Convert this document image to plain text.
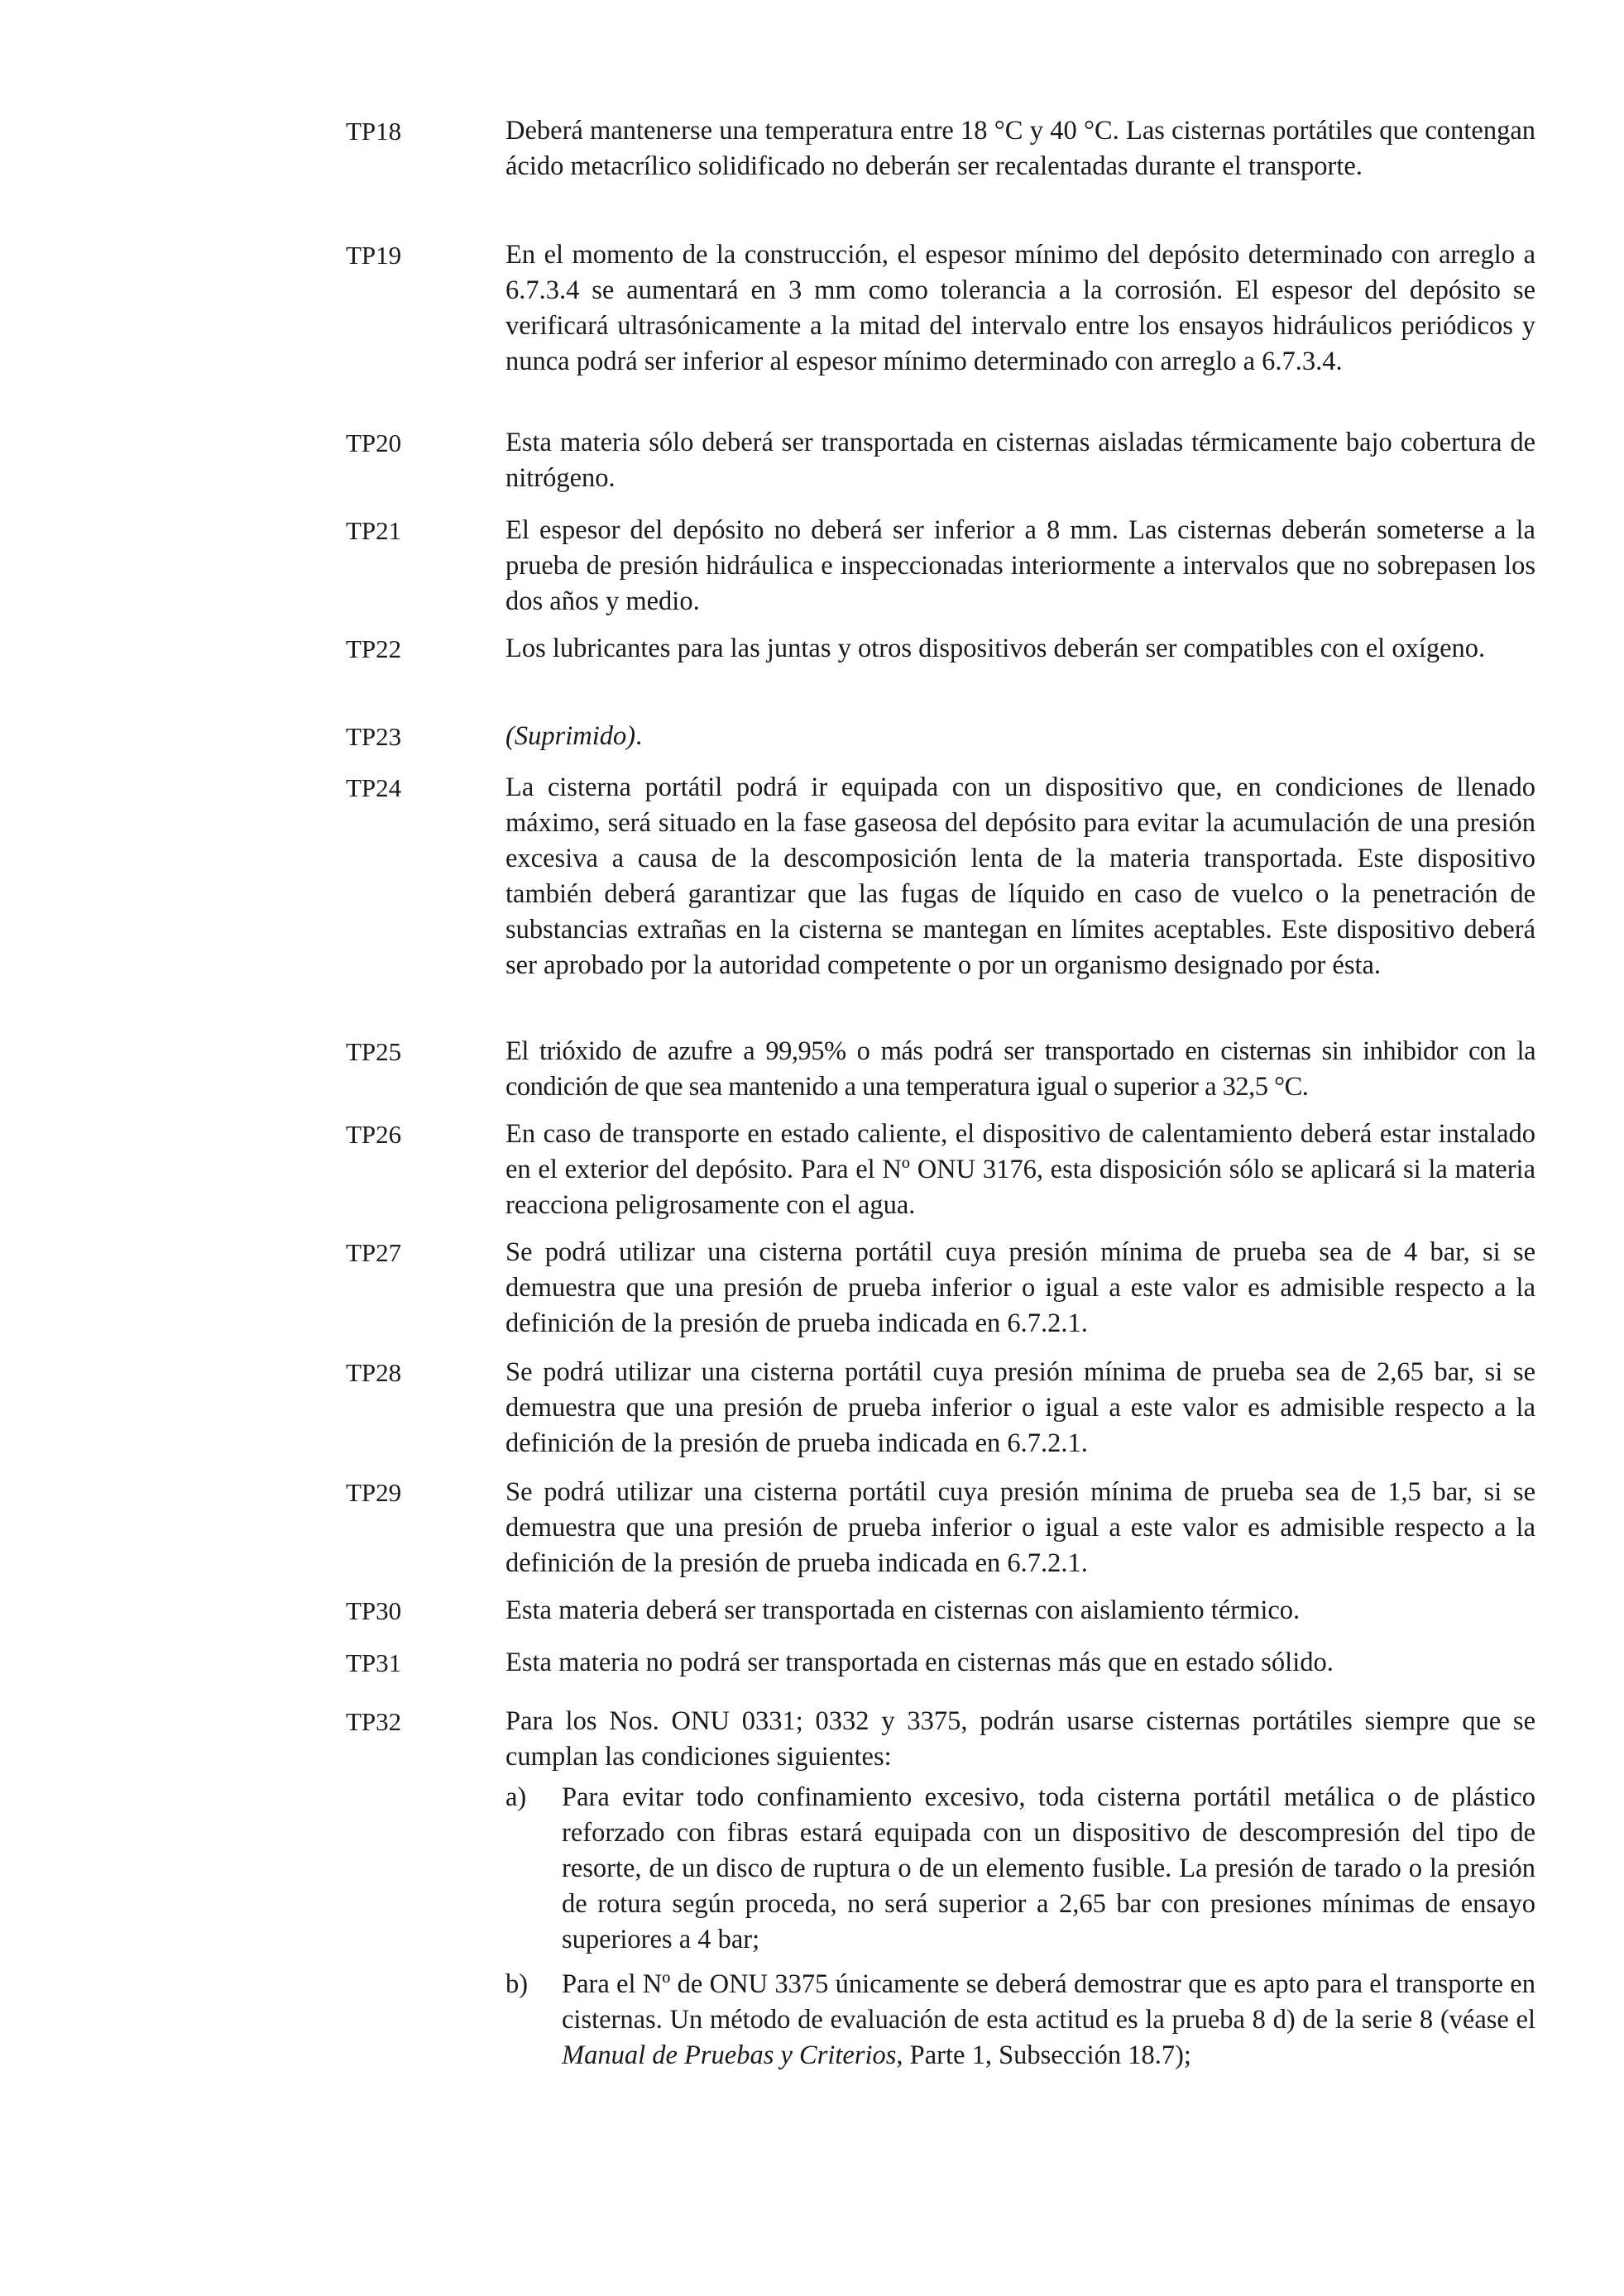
TP18	Deberá mantenerse una temperatura entre 18 °C y 40 °C. Las cisternas portátiles que contengan ácido metacrílico solidificado no deberán ser recalentadas durante el transporte.

TP19	En el momento de la construcción, el espesor mínimo del depósito determinado con arreglo a 6.7.3.4 se aumentará en 3 mm como tolerancia a la corrosión. El espesor del depósito se verificará ultrasónicamente a la mitad del intervalo entre los ensayos hidráulicos periódicos y nunca podrá ser inferior al espesor mínimo determinado con arreglo a 6.7.3.4.

TP20	Esta materia sólo deberá ser transportada en cisternas aisladas térmicamente bajo cobertura de nitrógeno.

TP21	El espesor del depósito no deberá ser inferior a 8 mm. Las cisternas deberán someterse a la prueba de presión hidráulica e inspeccionadas interiormente a intervalos que no sobrepasen los dos años y medio.

TP22	Los lubricantes para las juntas y otros dispositivos deberán ser compatibles con el oxígeno.

TP23	(Suprimido).

TP24	La cisterna portátil podrá ir equipada con un dispositivo que, en condiciones de llenado máximo, será situado en la fase gaseosa del depósito para evitar la acumulación de una presión excesiva a causa de la descomposición lenta de la materia transportada. Este dispositivo también deberá garantizar que las fugas de líquido en caso de vuelco o la penetración de substancias extrañas en la cisterna se mantegan en límites aceptables. Este dispositivo deberá ser aprobado por la autoridad competente o por un organismo designado por ésta.

TP25	El trióxido de azufre a 99,95% o más podrá ser transportado en cisternas sin inhibidor con la condición de que sea mantenido a una temperatura igual o superior a 32,5 °C.

TP26	En caso de transporte en estado caliente, el dispositivo de calentamiento deberá estar instalado en el exterior del depósito. Para el Nº ONU 3176, esta disposición sólo se aplicará si la materia reacciona peligrosamente con el agua.

TP27	Se podrá utilizar una cisterna portátil cuya presión mínima de prueba sea de 4 bar, si se demuestra que una presión de prueba inferior o igual a este valor es admisible respecto a la definición de la presión de prueba indicada en 6.7.2.1.

TP28	Se podrá utilizar una cisterna portátil cuya presión mínima de prueba sea de 2,65 bar, si se demuestra que una presión de prueba inferior o igual a este valor es admisible respecto a la definición de la presión de prueba indicada en 6.7.2.1.

TP29	Se podrá utilizar una cisterna portátil cuya presión mínima de prueba sea de 1,5 bar, si se demuestra que una presión de prueba inferior o igual a este valor es admisible respecto a la definición de la presión de prueba indicada en 6.7.2.1.

TP30	Esta materia deberá ser transportada en cisternas con aislamiento térmico.

TP31	Esta materia no podrá ser transportada en cisternas más que en estado sólido.

TP32	Para los Nos. ONU 0331; 0332 y 3375, podrán usarse cisternas portátiles siempre que se cumplan las condiciones siguientes:

a)	Para evitar todo confinamiento excesivo, toda cisterna portátil metálica o de plástico reforzado con fibras estará equipada con un dispositivo de descompresión del tipo de resorte, de un disco de ruptura o de un elemento fusible. La presión de tarado o la presión de rotura según proceda, no será superior a 2,65 bar con presiones mínimas de ensayo superiores a 4 bar;
b)	Para el Nº de ONU 3375 únicamente se deberá demostrar que es apto para el transporte en cisternas. Un método de evaluación de esta actitud es la prueba 8 d) de la serie 8 (véase el Manual de Pruebas y Criterios, Parte 1, Subsección 18.7);
